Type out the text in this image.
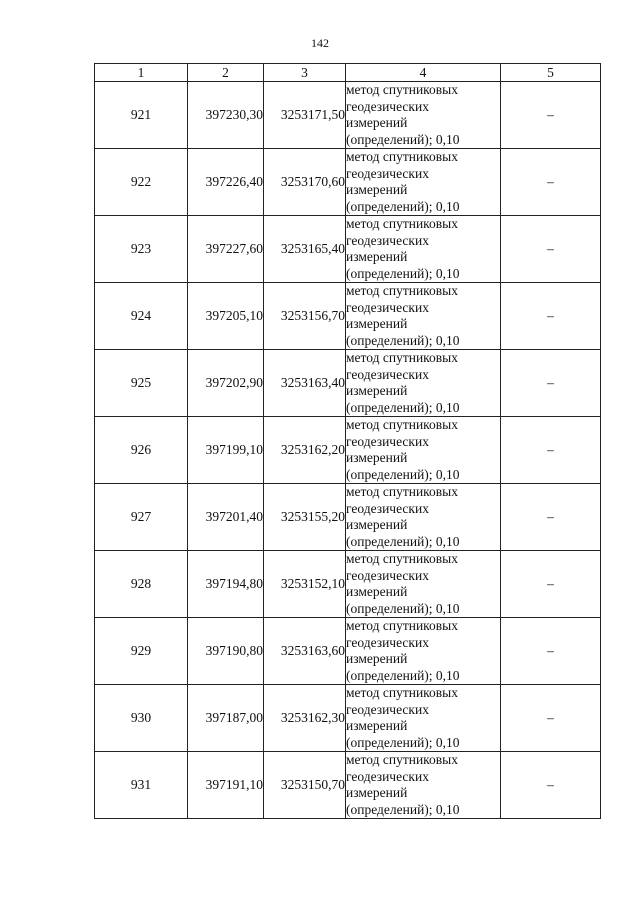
142
1	2	3	4	5
921	397230,30	3253171,50	метод спутниковых
геодезических
измерений
(определений); 0,10	–
922	397226,40	3253170,60	метод спутниковых
геодезических
измерений
(определений); 0,10	–
923	397227,60	3253165,40	метод спутниковых
геодезических
измерений
(определений); 0,10	–
924	397205,10	3253156,70	метод спутниковых
геодезических
измерений
(определений); 0,10	–
925	397202,90	3253163,40	метод спутниковых
геодезических
измерений
(определений); 0,10	–
926	397199,10	3253162,20	метод спутниковых
геодезических
измерений
(определений); 0,10	–
927	397201,40	3253155,20	метод спутниковых
геодезических
измерений
(определений); 0,10	–
928	397194,80	3253152,10	метод спутниковых
геодезических
измерений
(определений); 0,10	–
929	397190,80	3253163,60	метод спутниковых
геодезических
измерений
(определений); 0,10	–
930	397187,00	3253162,30	метод спутниковых
геодезических
измерений
(определений); 0,10	–
931	397191,10	3253150,70	метод спутниковых
геодезических
измерений
(определений); 0,10	–
